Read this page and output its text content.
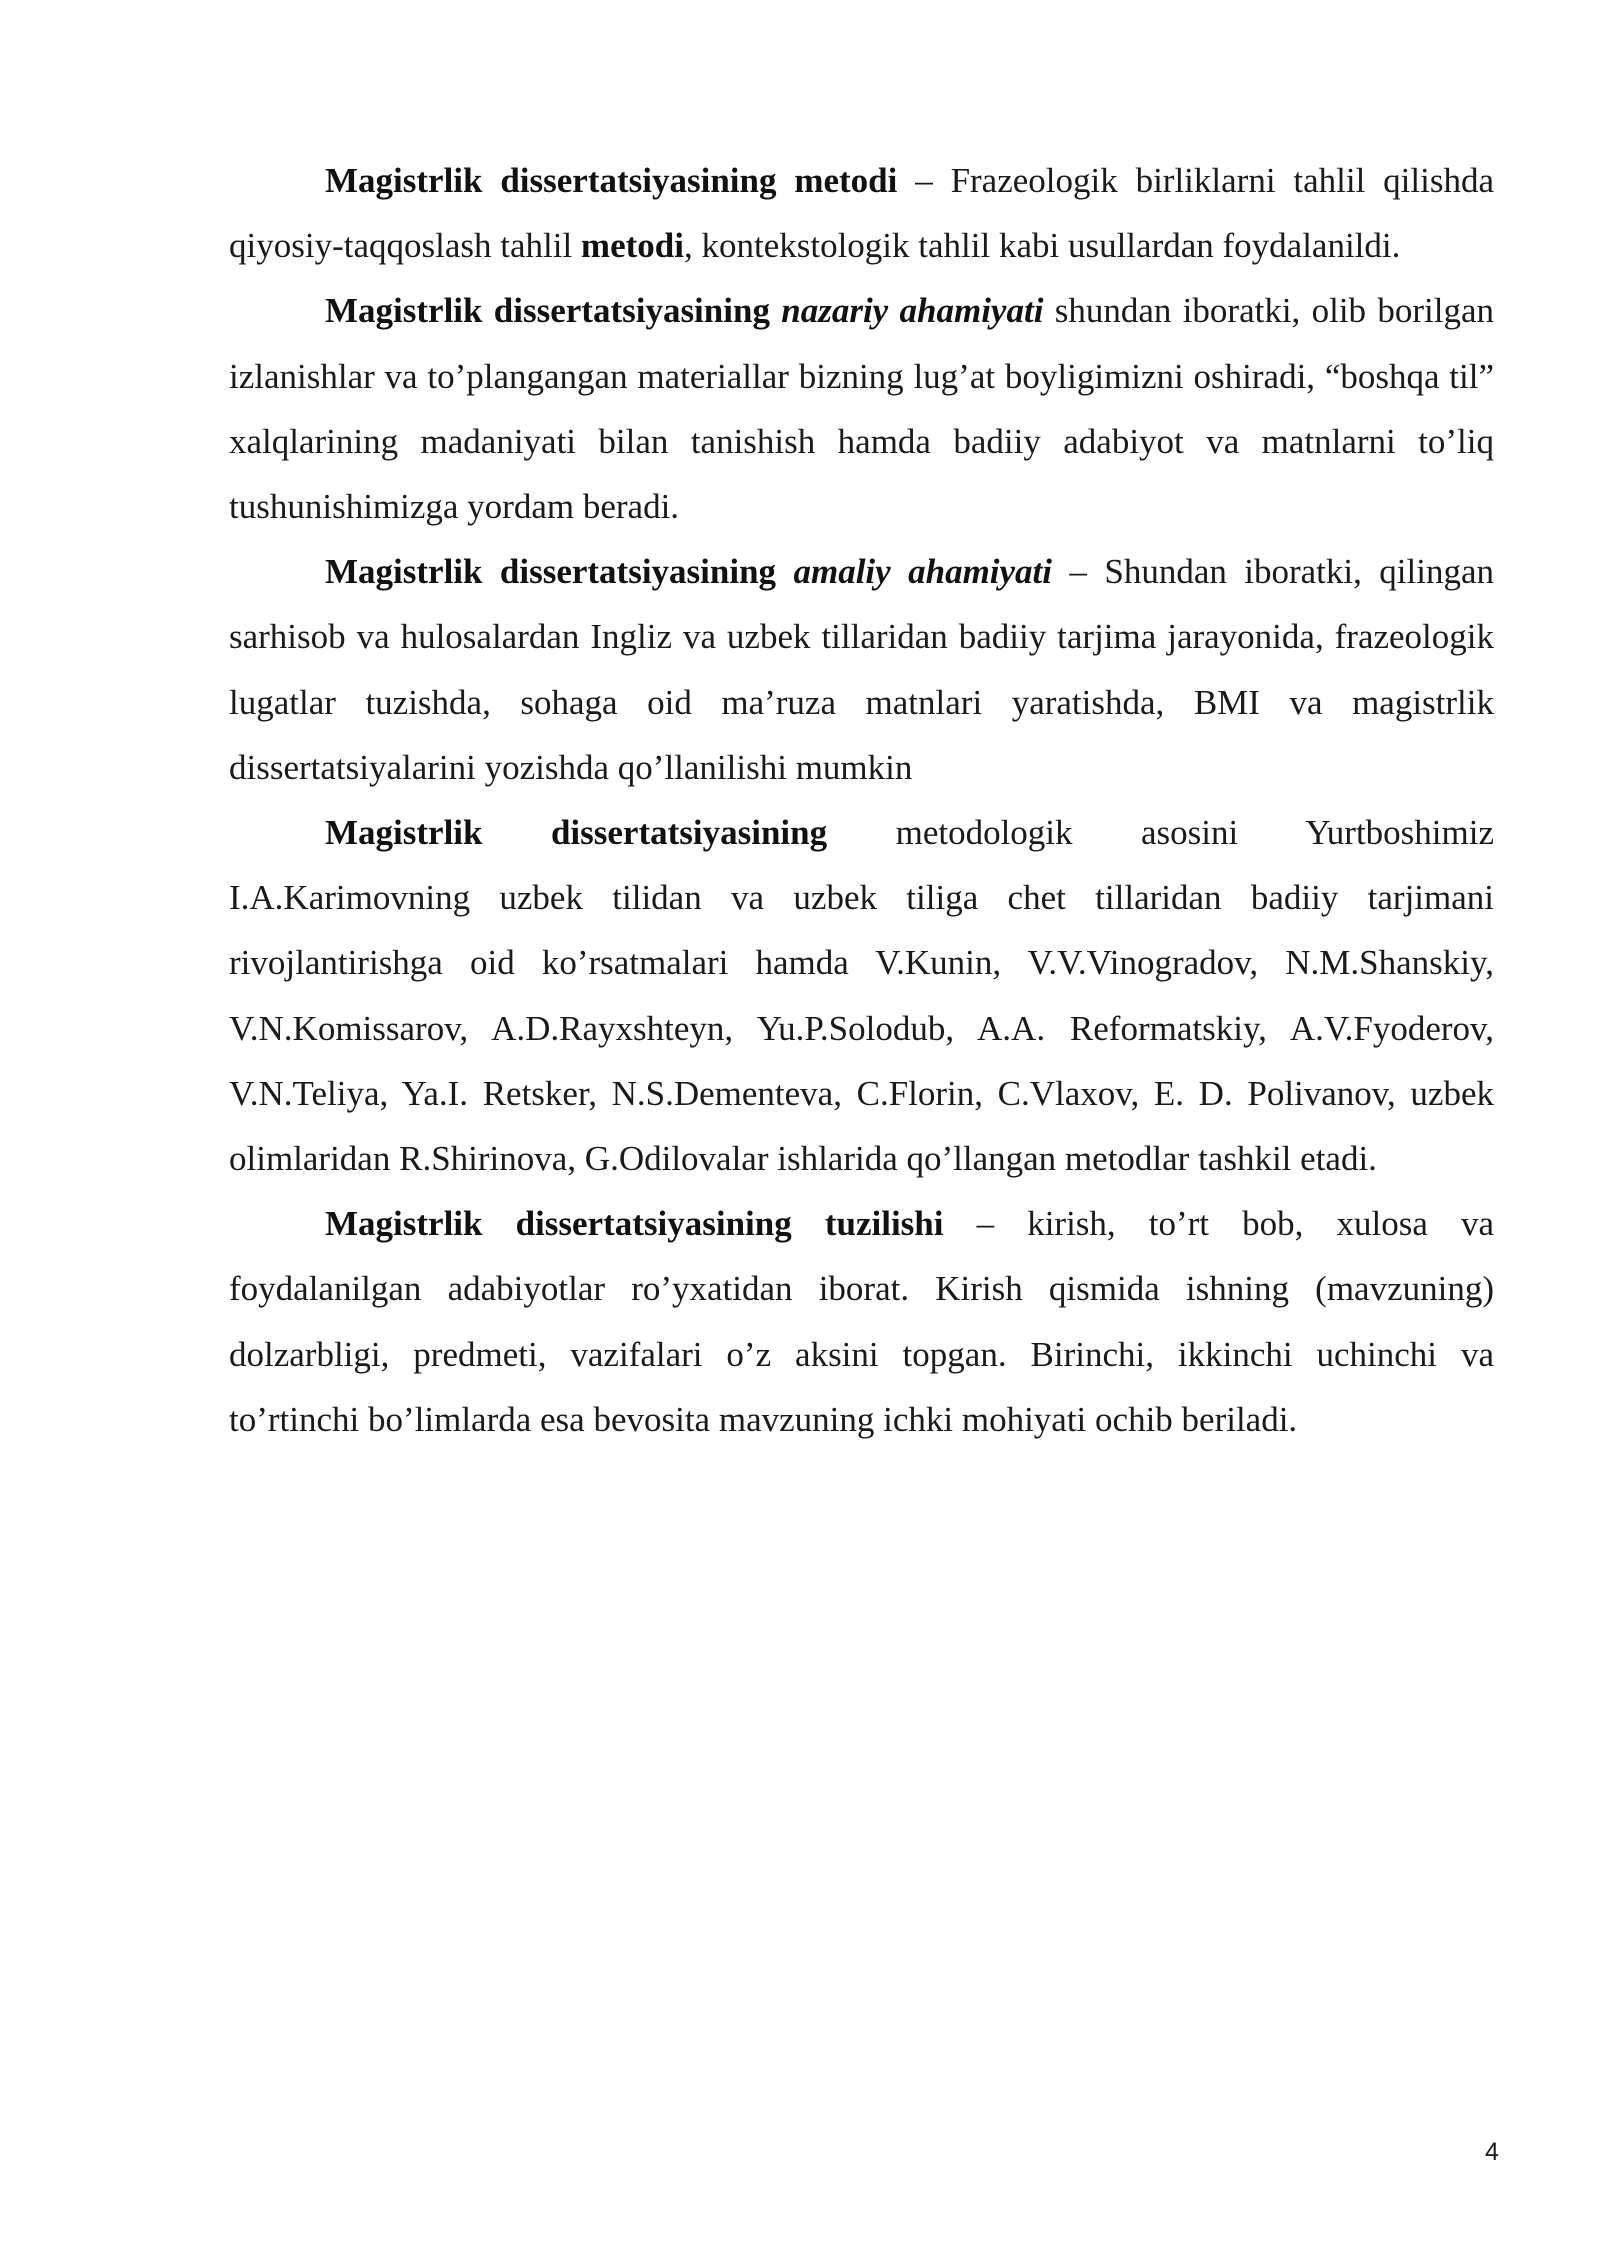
Magistrlik dissertatsiyasining metodi – Frazeologik birliklarni tahlil qilishda qiyosiy-taqqoslash tahlil metodi, kontekstologik tahlil kabi usullardan foydalanildi.

Magistrlik dissertatsiyasining nazariy ahamiyati shundan iboratki, olib borilgan izlanishlar va to’plangangan materiallar bizning lug’at boyligimizni oshiradi, “boshqa til” xalqlarining madaniyati bilan tanishish hamda badiiy adabiyot va matnlarni to’liq tushunishimizga yordam beradi.

Magistrlik dissertatsiyasining amaliy ahamiyati – Shundan iboratki, qilingan sarhisob va hulosalardan Ingliz va uzbek tillaridan badiiy tarjima jarayonida, frazeologik lugatlar tuzishda, sohaga oid ma’ruza matnlari yaratishda, BMI va magistrlik dissertatsiyalarini yozishda qo’llanilishi mumkin

Magistrlik dissertatsiyasining metodologik asosini Yurtboshimiz I.A.Karimovning uzbek tilidan va uzbek tiliga chet tillaridan badiiy tarjimani rivojlantirishga oid ko’rsatmalari hamda V.Kunin, V.V.Vinogradov, N.M.Shanskiy, V.N.Komissarov, A.D.Rayxshteyn, Yu.P.Solodub, A.A. Reformatskiy, A.V.Fyoderov, V.N.Teliya, Ya.I. Retsker, N.S.Dementeva, C.Florin, C.Vlaxov, E. D. Polivanov, uzbek olimlaridan R.Shirinova, G.Odilovalar ishlarida qo’llangan metodlar tashkil etadi.

Magistrlik dissertatsiyasining tuzilishi – kirish, to’rt bob, xulosa va foydalanilgan adabiyotlar ro’yxatidan iborat. Kirish qismida ishning (mavzuning) dolzarbligi, predmeti, vazifalari o’z aksini topgan. Birinchi, ikkinchi uchinchi va to’rtinchi bo’limlarda esa bevosita mavzuning ichki mohiyati ochib beriladi.

4
